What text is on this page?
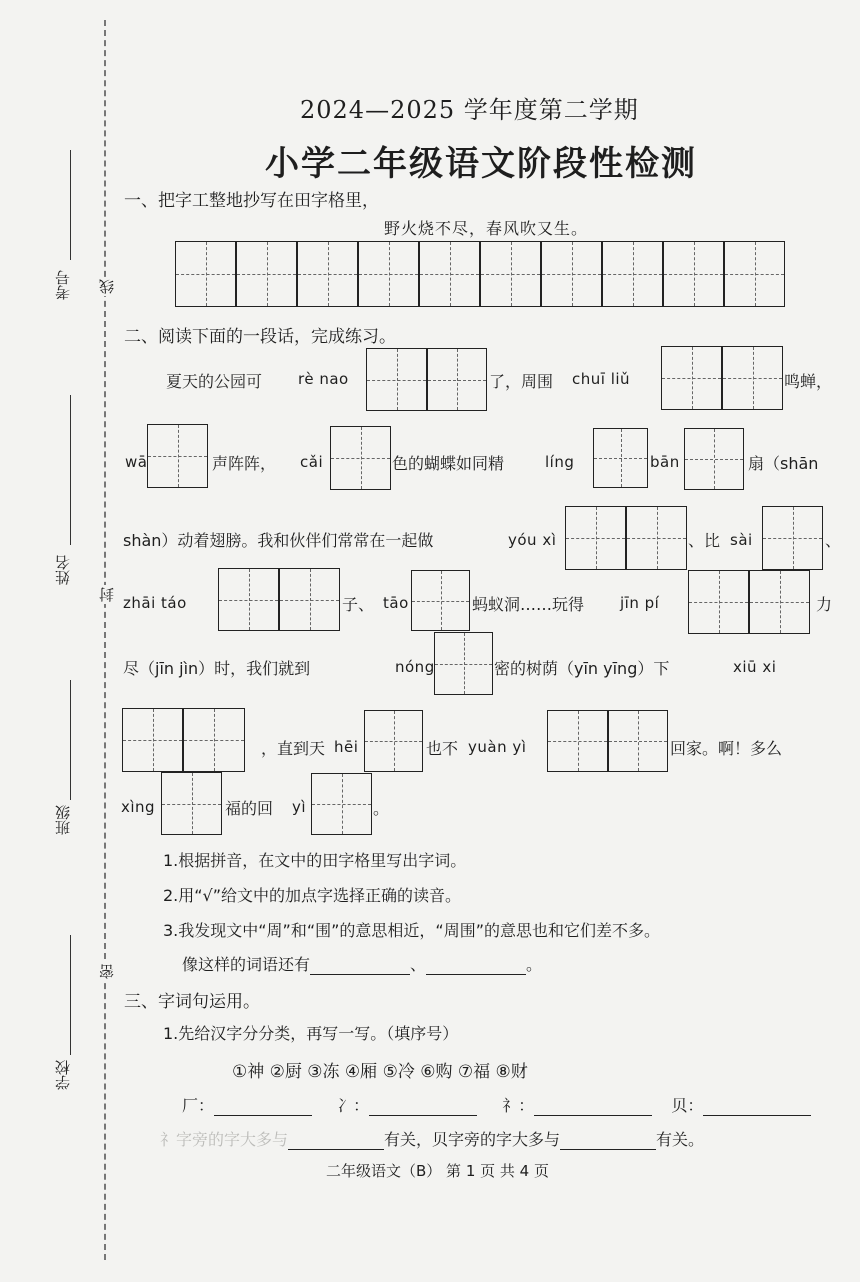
考号 线
姓名
封
班级
密
学校
2024—2025 学年度第二学期
小学二年级语文阶段性检测
一、把字工整地抄写在田字格里，
野火烧不尽，春风吹又生。
二、阅读下面的一段话，完成练习。
夏天的公园可 rè nao	了，周围 chuī liǔ	鸣蝉，
wā	声阵阵， cǎi	色的蝴蝶如同精	líng	bān	扇（shān
shàn）动着翅膀。我和伙伴们常常在一起做	yóu xì	、比 sài	、
zhāi táo	子、 tāo	蚂蚁洞……玩得 jīn pí	力
尽（jīn jìn）时，我们就到	nóng	密的树荫（yīn yīng）下	xiū xi
，直到天 hēi	也不 yuàn yì	回家。啊！多么
xìng	福的回 yì	。
1.根据拼音，在文中的田字格里写出字词。
2.用“√”给文中的加点字选择正确的读音。
3.我发现文中“周”和“围”的意思相近，“周围”的意思也和它们差不多。
像这样的词语还有	、	。
三、字词句运用。
1.先给汉字分分类，再写一写。（填序号）
①神 ②厨 ③冻 ④厢 ⑤冷 ⑥购 ⑦福 ⑧财
厂：	冫：	礻：	贝：
礻字旁的字大多与	有关，贝字旁的字大多与	有关。
二年级语文（B） 第 1 页 共 4 页
